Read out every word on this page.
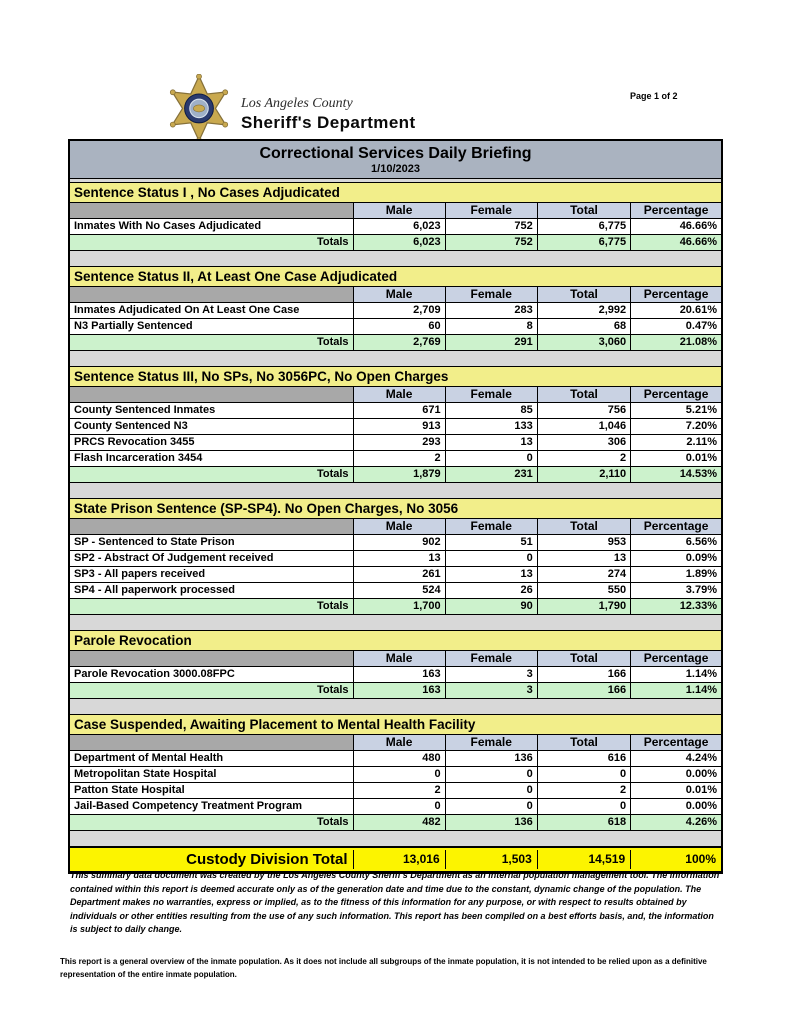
Los Angeles County
Sheriff's Department
Page 1 of 2
Correctional Services Daily Briefing
1/10/2023
Sentence Status I , No Cases Adjudicated
Male	Female	Total	Percentage
Inmates With No Cases Adjudicated	6,023	752	6,775	46.66%
Totals	6,023	752	6,775	46.66%
Sentence Status II, At Least One Case Adjudicated
Male	Female	Total	Percentage
Inmates Adjudicated On At Least One Case	2,709	283	2,992	20.61%
N3 Partially Sentenced	60	8	68	0.47%
Totals	2,769	291	3,060	21.08%
Sentence Status III, No SPs, No 3056PC, No Open Charges
Male	Female	Total	Percentage
County Sentenced Inmates	671	85	756	5.21%
County Sentenced N3	913	133	1,046	7.20%
PRCS Revocation 3455	293	13	306	2.11%
Flash Incarceration 3454	2	0	2	0.01%
Totals	1,879	231	2,110	14.53%
State Prison Sentence (SP-SP4). No Open Charges, No 3056
Male	Female	Total	Percentage
SP - Sentenced to State Prison	902	51	953	6.56%
SP2 - Abstract Of Judgement received	13	0	13	0.09%
SP3 - All papers received	261	13	274	1.89%
SP4 - All paperwork processed	524	26	550	3.79%
Totals	1,700	90	1,790	12.33%
Parole Revocation
Male	Female	Total	Percentage
Parole Revocation 3000.08FPC	163	3	166	1.14%
Totals	163	3	166	1.14%
Case Suspended, Awaiting Placement to Mental Health Facility
Male	Female	Total	Percentage
Department of Mental Health	480	136	616	4.24%
Metropolitan State Hospital	0	0	0	0.00%
Patton State Hospital	2	0	2	0.01%
Jail-Based Competency Treatment Program	0	0	0	0.00%
Totals	482	136	618	4.26%
Custody Division Total	13,016	1,503	14,519	100%

This summary data document was created by the Los Angeles County Sheriff's Department as an internal population management tool. The information contained within this report is deemed accurate only as of the generation date and time due to the constant, dynamic change of the population. The Department makes no warranties, express or implied, as to the fitness of this information for any purpose, or with respect to results obtained by individuals or other entities resulting from the use of any such information. This report has been compiled on a best efforts basis, and, the information is subject to daily change.

This report is a general overview of the inmate population. As it does not include all subgroups of the inmate population, it is not intended to be relied upon as a definitive representation of the entire inmate population.
